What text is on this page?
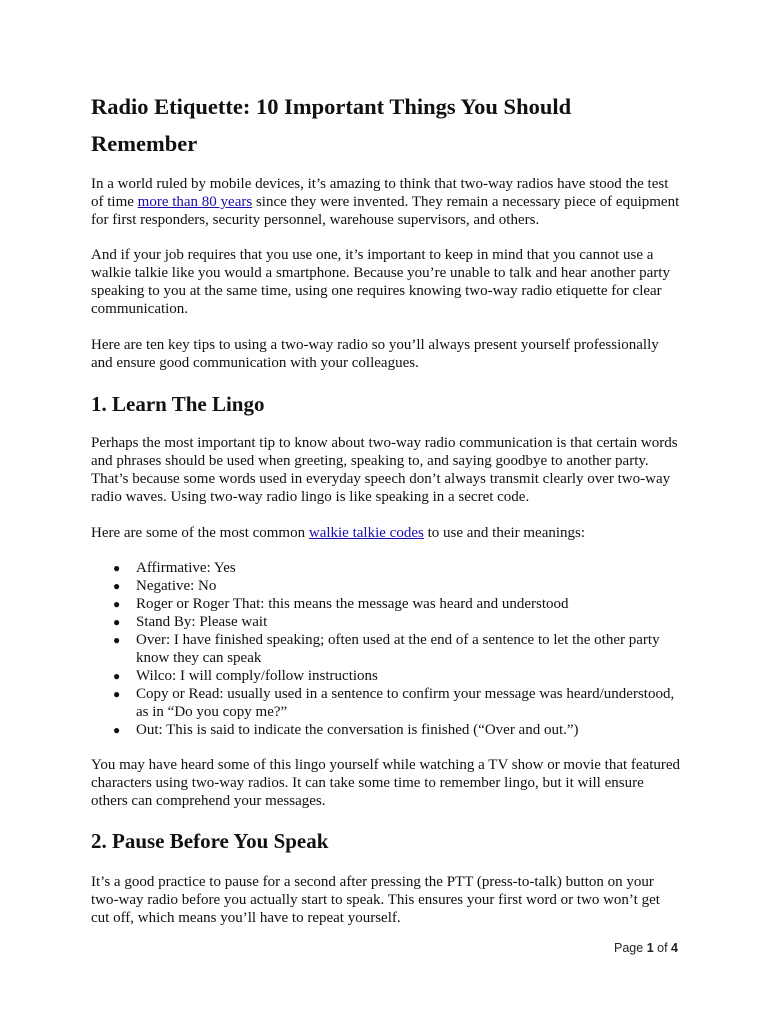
Radio Etiquette: 10 Important Things You Should Remember

In a world ruled by mobile devices, it’s amazing to think that two-way radios have stood the test of time more than 80 years since they were invented. They remain a necessary piece of equipment for first responders, security personnel, warehouse supervisors, and others.

And if your job requires that you use one, it’s important to keep in mind that you cannot use a walkie talkie like you would a smartphone. Because you’re unable to talk and hear another party speaking to you at the same time, using one requires knowing two-way radio etiquette for clear communication.

Here are ten key tips to using a two-way radio so you’ll always present yourself professionally and ensure good communication with your colleagues.

1. Learn The Lingo

Perhaps the most important tip to know about two-way radio communication is that certain words and phrases should be used when greeting, speaking to, and saying goodbye to another party. That’s because some words used in everyday speech don’t always transmit clearly over two-way radio waves. Using two-way radio lingo is like speaking in a secret code.

Here are some of the most common walkie talkie codes to use and their meanings:

● Affirmative: Yes
● Negative: No
● Roger or Roger That: this means the message was heard and understood
● Stand By: Please wait
● Over: I have finished speaking; often used at the end of a sentence to let the other party know they can speak
● Wilco: I will comply/follow instructions
● Copy or Read: usually used in a sentence to confirm your message was heard/understood, as in “Do you copy me?”
● Out: This is said to indicate the conversation is finished (“Over and out.”)

You may have heard some of this lingo yourself while watching a TV show or movie that featured characters using two-way radios. It can take some time to remember lingo, but it will ensure others can comprehend your messages.

2. Pause Before You Speak

It’s a good practice to pause for a second after pressing the PTT (press-to-talk) button on your two-way radio before you actually start to speak. This ensures your first word or two won’t get cut off, which means you’ll have to repeat yourself.

Page 1 of 4
